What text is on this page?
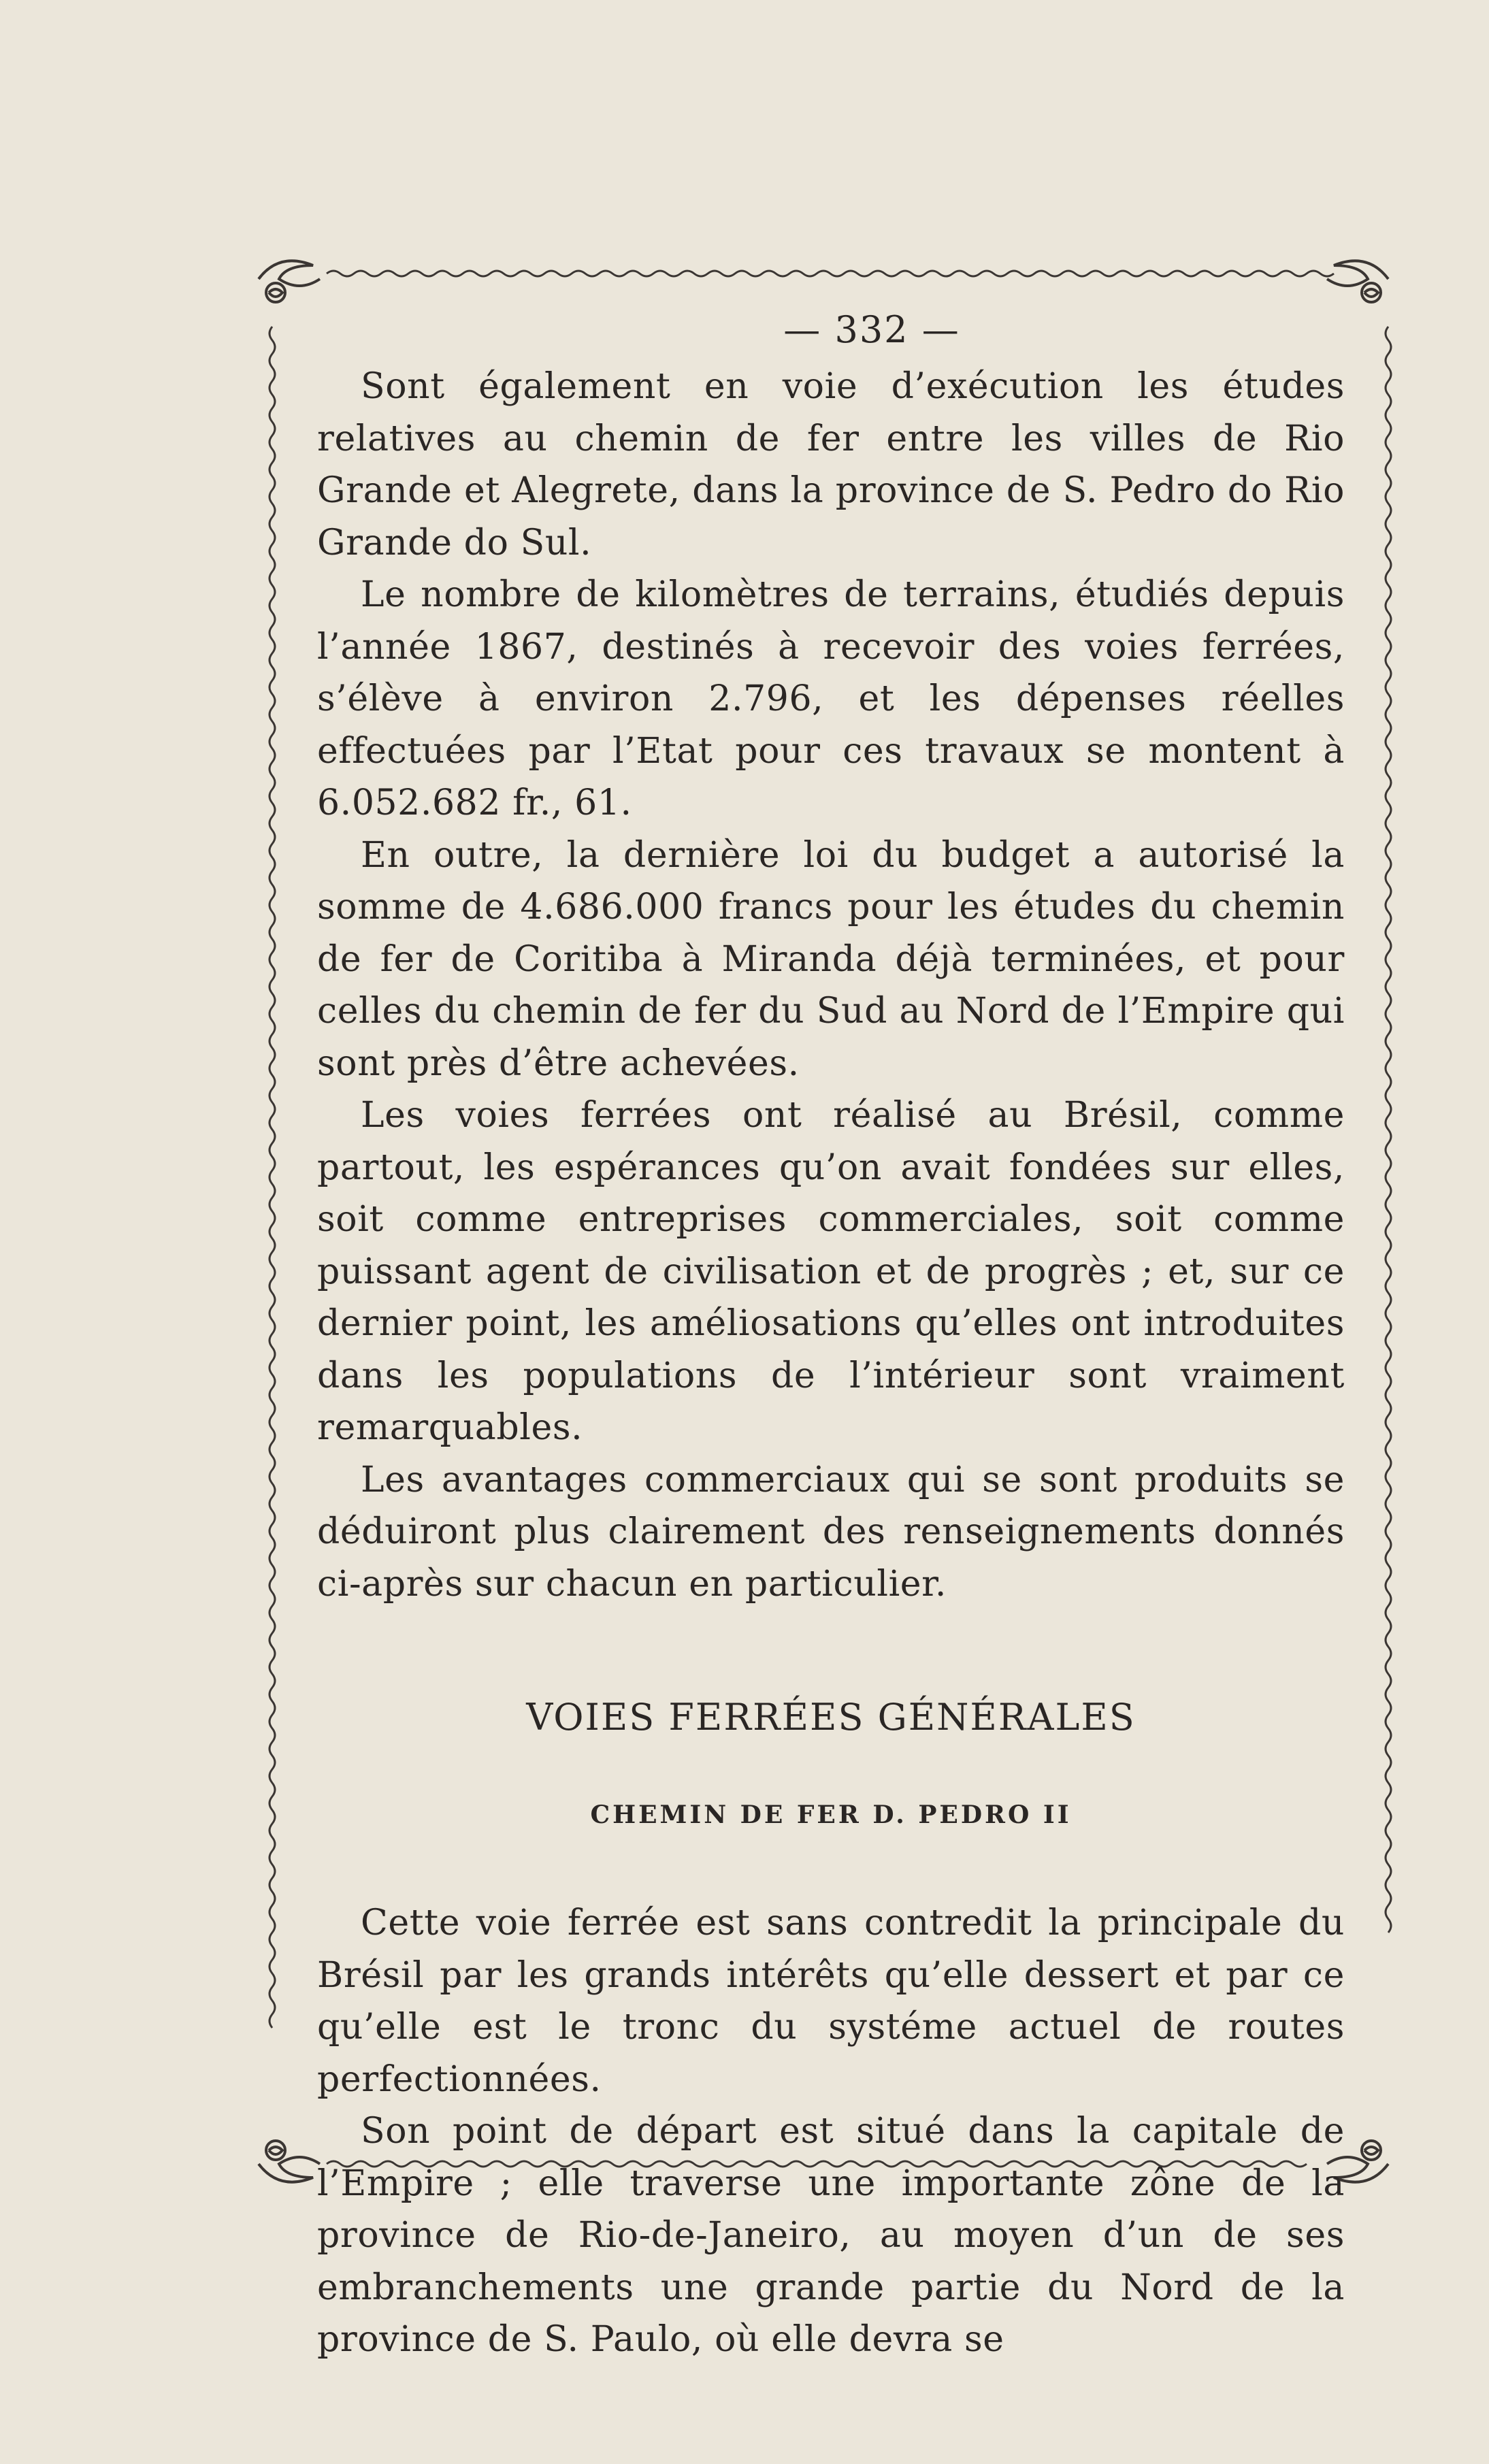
— 332 —

Sont également en voie d’exécution les études relatives au chemin de fer entre les villes de Rio Grande et Alegrete, dans la province de S. Pedro do Rio Grande do Sul.

Le nombre de kilomètres de terrains, étudiés depuis l’année 1867, destinés à recevoir des voies ferrées, s’élève à environ 2.796, et les dépenses réelles effectuées par l’Etat pour ces travaux se montent à 6.052.682 fr., 61.

En outre, la dernière loi du budget a autorisé la somme de 4.686.000 francs pour les études du chemin de fer de Coritiba à Miranda déjà terminées, et pour celles du chemin de fer du Sud au Nord de l’Empire qui sont près d’être achevées.

Les voies ferrées ont réalisé au Brésil, comme partout, les espérances qu’on avait fondées sur elles, soit comme entreprises commerciales, soit comme puissant agent de civilisation et de progrès ; et, sur ce dernier point, les améliosations qu’elles ont introduites dans les populations de l’intérieur sont vraiment remarquables.

Les avantages commerciaux qui se sont produits se déduiront plus clairement des renseignements donnés ci-après sur chacun en particulier.

VOIES FERRÉES GÉNÉRALES
CHEMIN DE FER D. PEDRO II

Cette voie ferrée est sans contredit la principale du Brésil par les grands intérêts qu’elle dessert et par ce qu’elle est le tronc du systéme actuel de routes perfectionnées.

Son point de départ est situé dans la capitale de l’Empire ; elle traverse une importante zône de la province de Rio-de-Janeiro, au moyen d’un de ses embranchements une grande partie du Nord de la province de S. Paulo, où elle devra se
